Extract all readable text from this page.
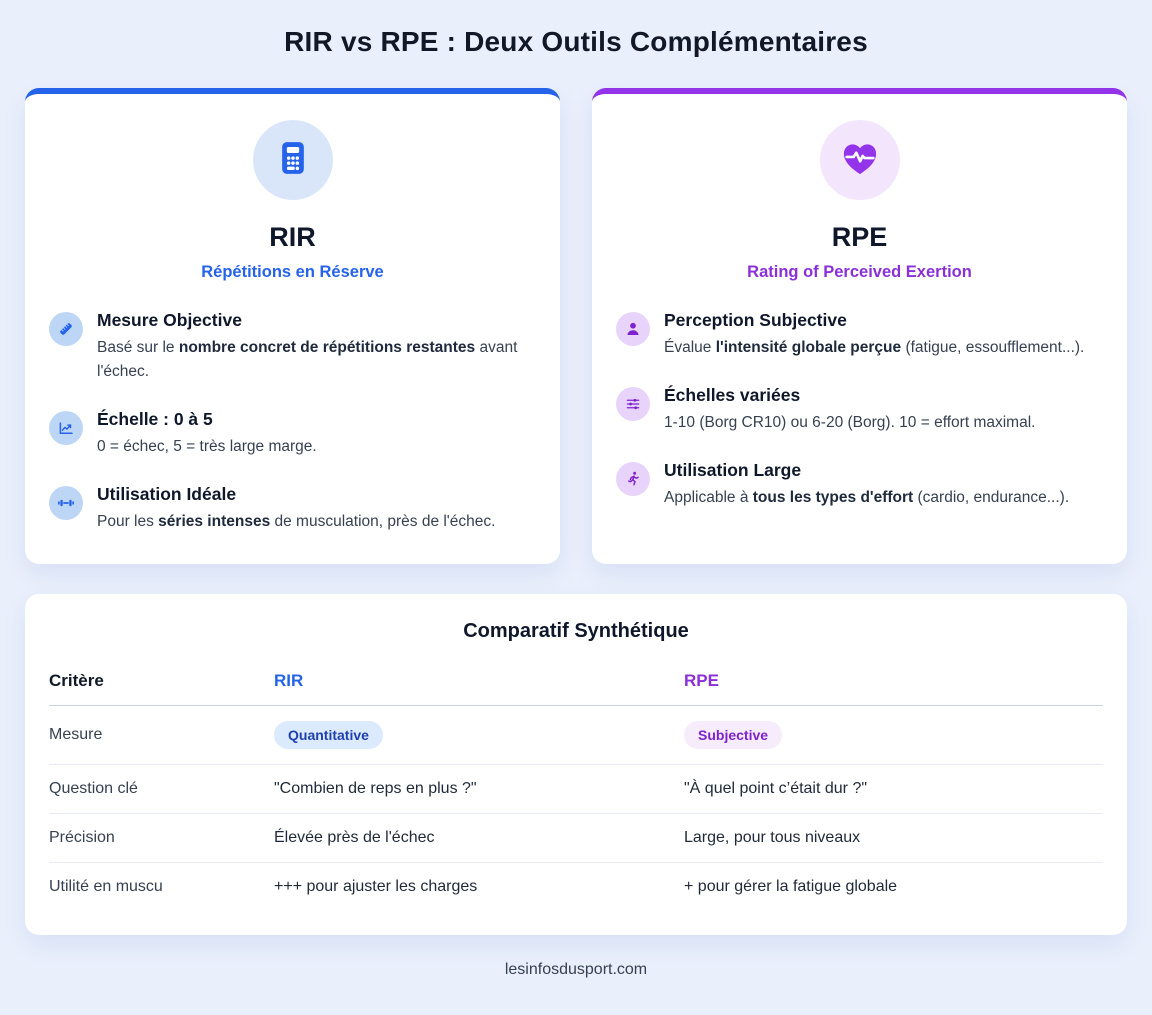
RIR vs RPE : Deux Outils Complémentaires
RIR
Répétitions en Réserve
Mesure Objective
Basé sur le nombre concret de répétitions restantes avant l'échec.
Échelle : 0 à 5
0 = échec, 5 = très large marge.
Utilisation Idéale
Pour les séries intenses de musculation, près de l'échec.
RPE
Rating of Perceived Exertion
Perception Subjective
Évalue l'intensité globale perçue (fatigue, essoufflement...).
Échelles variées
1-10 (Borg CR10) ou 6-20 (Borg). 10 = effort maximal.
Utilisation Large
Applicable à tous les types d'effort (cardio, endurance...).
Comparatif Synthétique
Critère	RIR	RPE
Mesure	Quantitative	Subjective
Question clé	"Combien de reps en plus ?"	"À quel point c’était dur ?"
Précision	Élevée près de l'échec	Large, pour tous niveaux
Utilité en muscu	+++ pour ajuster les charges	+ pour gérer la fatigue globale
lesinfosdusport.com
